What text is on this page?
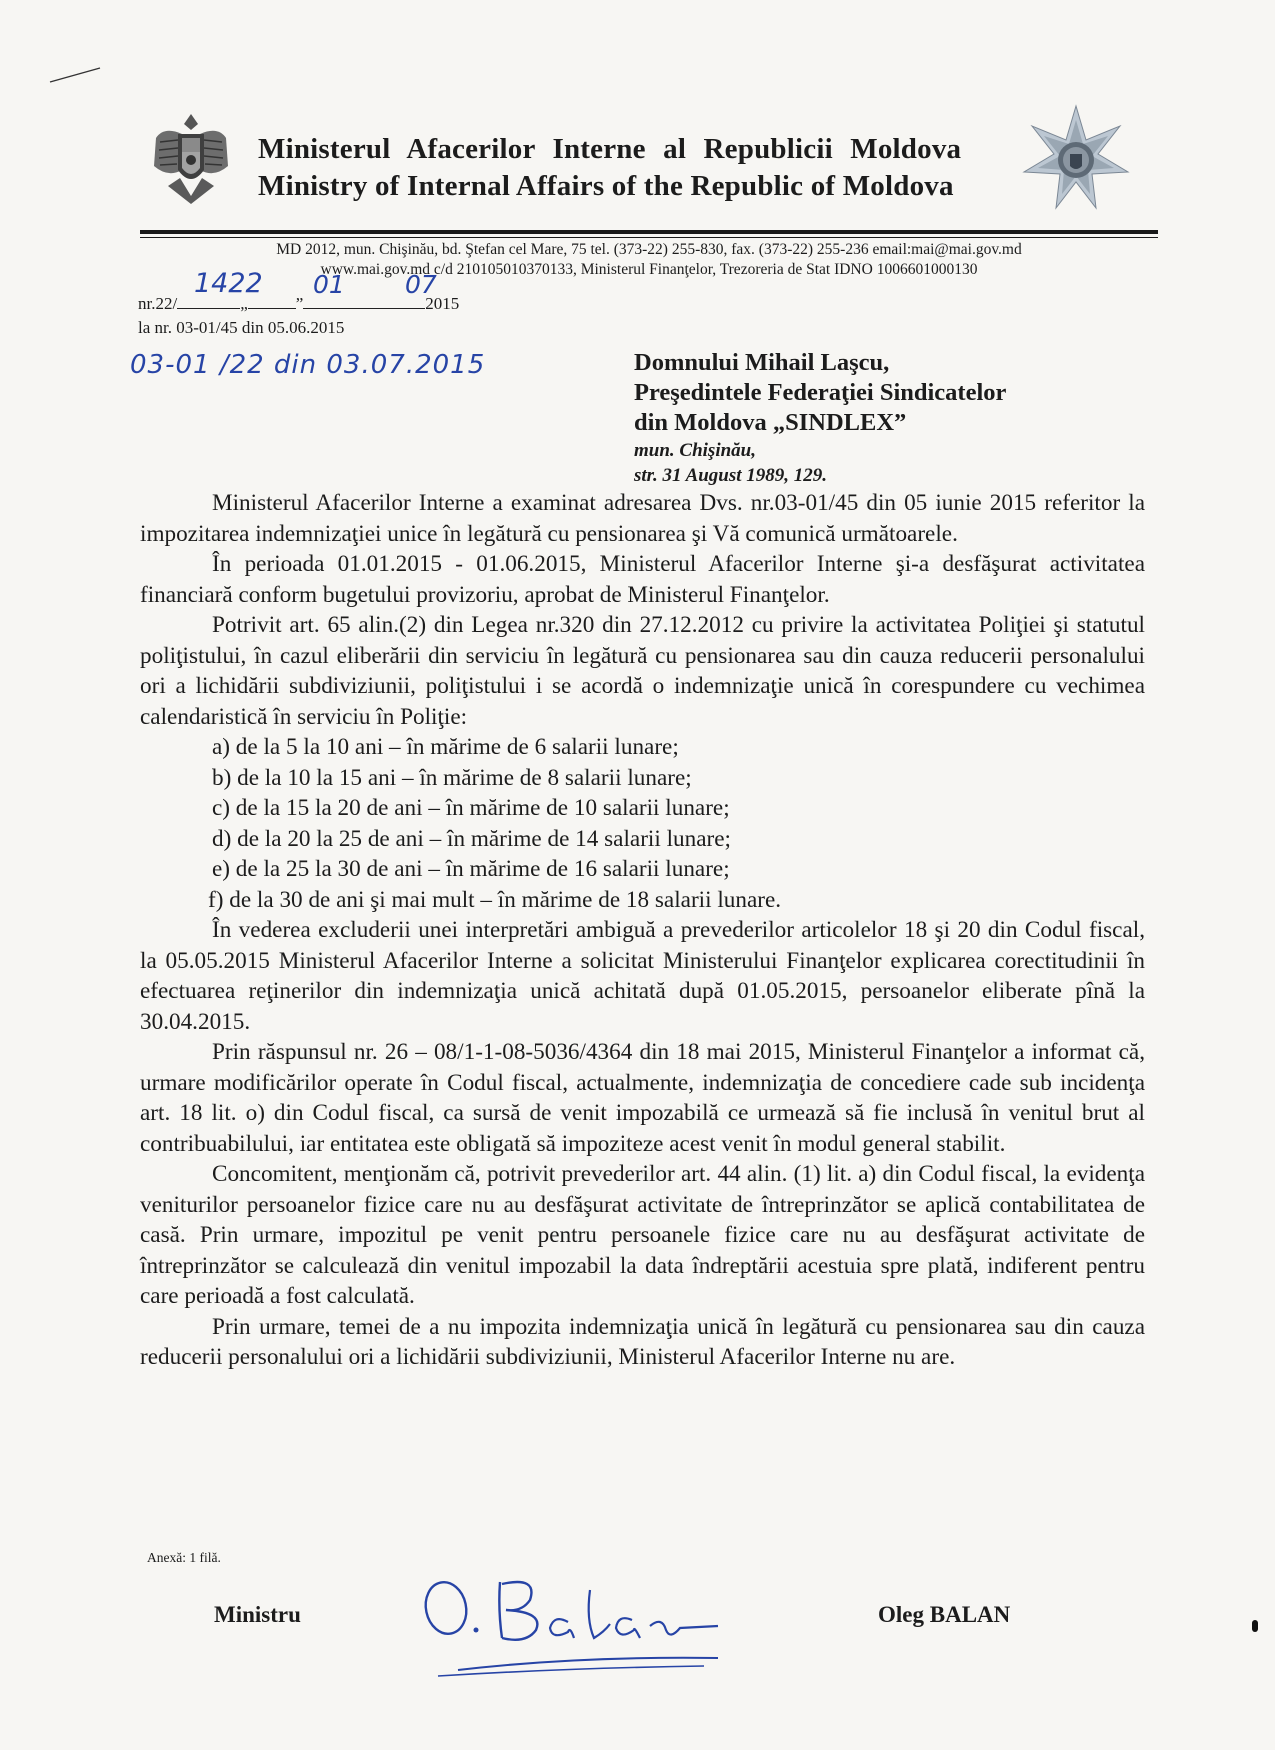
Ministerul Afacerilor Interne al Republicii Moldova
Ministry of Internal Affairs of the Republic of Moldova
MD 2012, mun. Chişinău, bd. Ştefan cel Mare, 75 tel. (373-22) 255-830, fax. (373-22) 255-236 email:mai@mai.gov.md
www.mai.gov.md c/d 210105010370133, Ministerul Finanţelor, Trezoreria de Stat IDNO 1006601000130
nr.22/	„	”	2015
1422 01 07
la nr. 03-01/45 din 05.06.2015
03-01 /22 din 03.07.2015	Domnului Mihail Laşcu,
Preşedintele Federaţiei Sindicatelor
din Moldova „SINDLEX”
mun. Chişinău,
str. 31 August 1989, 129.

Ministerul Afacerilor Interne a examinat adresarea Dvs. nr.03-01/45 din 05 iunie 2015 referitor la impozitarea indemnizaţiei unice în legătură cu pensionarea şi Vă comunică următoarele.

În perioada 01.01.2015 - 01.06.2015, Ministerul Afacerilor Interne şi-a desfăşurat activitatea financiară conform bugetului provizoriu, aprobat de Ministerul Finanţelor.

Potrivit art. 65 alin.(2) din Legea nr.320 din 27.12.2012 cu privire la activitatea Poliţiei şi statutul poliţistului, în cazul eliberării din serviciu în legătură cu pensionarea sau din cauza reducerii personalului ori a lichidării subdiviziunii, poliţistului i se acordă o indemnizaţie unică în corespundere cu vechimea calendaristică în serviciu în Poliţie:

a) de la 5 la 10 ani – în mărime de 6 salarii lunare;
b) de la 10 la 15 ani – în mărime de 8 salarii lunare;
c) de la 15 la 20 de ani – în mărime de 10 salarii lunare;
d) de la 20 la 25 de ani – în mărime de 14 salarii lunare;
e) de la 25 la 30 de ani – în mărime de 16 salarii lunare;
f) de la 30 de ani şi mai mult – în mărime de 18 salarii lunare.

În vederea excluderii unei interpretări ambiguă a prevederilor articolelor 18 şi 20 din Codul fiscal, la 05.05.2015 Ministerul Afacerilor Interne a solicitat Ministerului Finanţelor explicarea corectitudinii în efectuarea reţinerilor din indemnizaţia unică achitată după 01.05.2015, persoanelor eliberate pînă la 30.04.2015.

Prin răspunsul nr. 26 – 08/1-1-08-5036/4364 din 18 mai 2015, Ministerul Finanţelor a informat că, urmare modificărilor operate în Codul fiscal, actualmente, indemnizaţia de concediere cade sub incidenţa art. 18 lit. o) din Codul fiscal, ca sursă de venit impozabilă ce urmează să fie inclusă în venitul brut al contribuabilului, iar entitatea este obligată să impoziteze acest venit în modul general stabilit.

Concomitent, menţionăm că, potrivit prevederilor art. 44 alin. (1) lit. a) din Codul fiscal, la evidenţa veniturilor persoanelor fizice care nu au desfăşurat activitate de întreprinzător se aplică contabilitatea de casă. Prin urmare, impozitul pe venit pentru persoanele fizice care nu au desfăşurat activitate de întreprinzător se calculează din venitul impozabil la data îndreptării acestuia spre plată, indiferent pentru care perioadă a fost calculată.

Prin urmare, temei de a nu impozita indemnizaţia unică în legătură cu pensionarea sau din cauza reducerii personalului ori a lichidării subdiviziunii, Ministerul Afacerilor Interne nu are.

Anexă: 1 filă.
Ministru	Oleg BALAN
